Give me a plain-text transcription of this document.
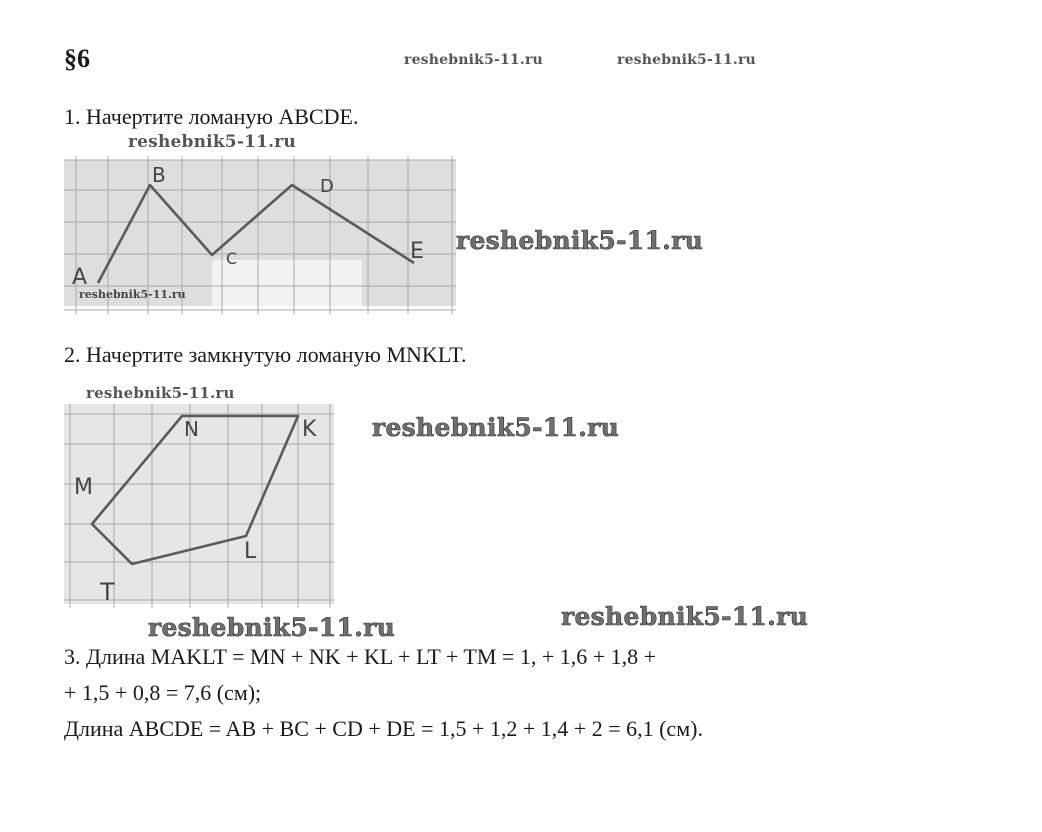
§6	reshebnik5-11.ru	reshebnik5-11.ru
1. Начертите ломаную ABCDE.
A
B
C
D
E
reshebnik5-11.ru
reshebnik5-11.ru
reshebnik5-11.ru
2. Начертите замкнутую ломаную MNKLT.
N	K
M
L
T
reshebnik5-11.ru
reshebnik5-11.ru
reshebnik5-11.ru	reshebnik5-11.ru
3. Длина MAKLT = MN + NK + KL + LT + TM = 1, + 1,6 + 1,8 +
+ 1,5 + 0,8 = 7,6 (см);
Длина ABCDE = AB + BC + CD + DE = 1,5 + 1,2 + 1,4 + 2 = 6,1 (см).
